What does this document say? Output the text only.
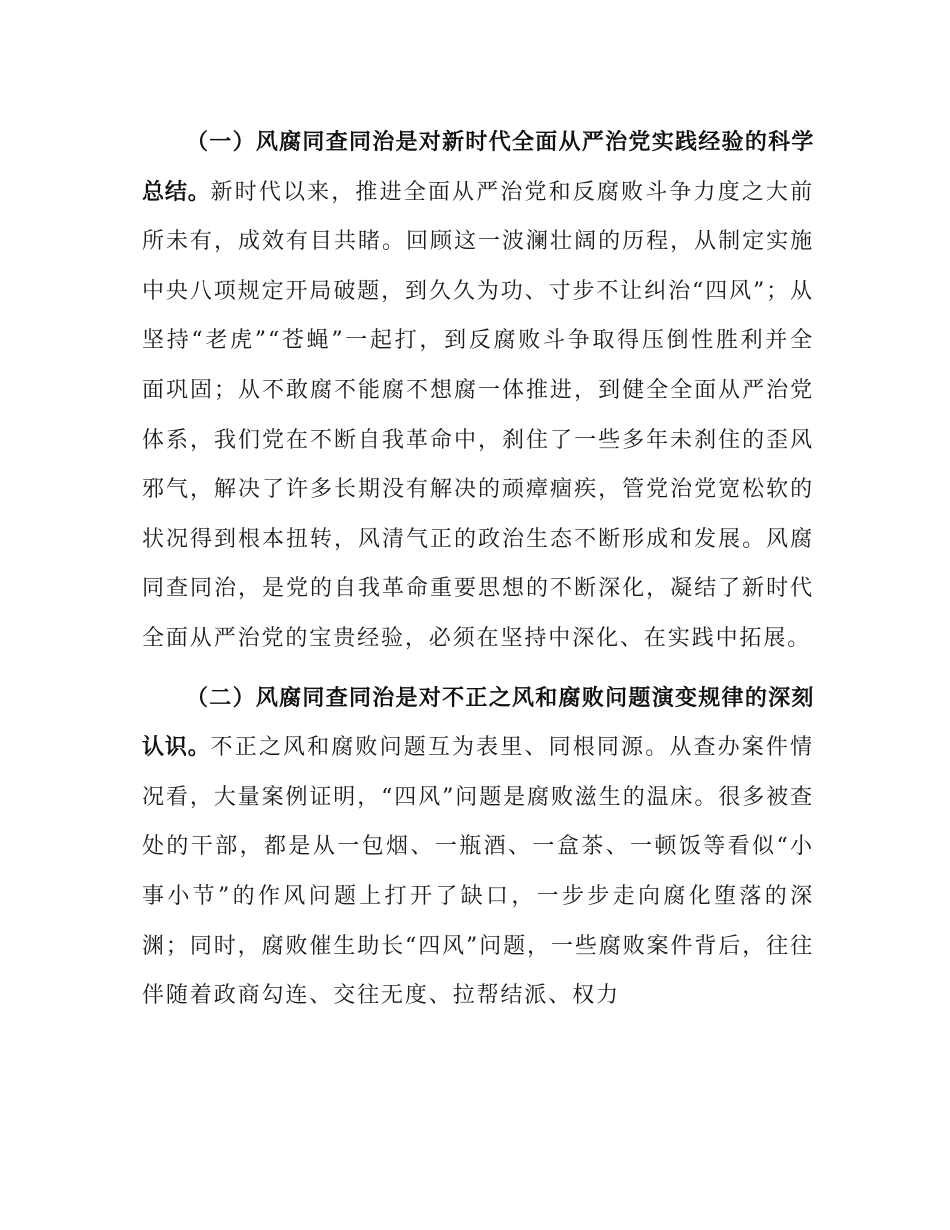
（一）风腐同查同治是对新时代全面从严治党实践经验的科学总结。新时代以来，推进全面从严治党和反腐败斗争力度之大前所未有，成效有目共睹。回顾这一波澜壮阔的历程，从制定实施中央八项规定开局破题，到久久为功、寸步不让纠治“四风”；从坚持“老虎”“苍蝇”一起打，到反腐败斗争取得压倒性胜利并全面巩固；从不敢腐不能腐不想腐一体推进，到健全全面从严治党体系，我们党在不断自我革命中，刹住了一些多年未刹住的歪风邪气，解决了许多长期没有解决的顽瘴痼疾，管党治党宽松软的状况得到根本扭转，风清气正的政治生态不断形成和发展。风腐同查同治，是党的自我革命重要思想的不断深化，凝结了新时代全面从严治党的宝贵经验，必须在坚持中深化、在实践中拓展。

（二）风腐同查同治是对不正之风和腐败问题演变规律的深刻认识。不正之风和腐败问题互为表里、同根同源。从查办案件情况看，大量案例证明，“四风”问题是腐败滋生的温床。很多被查处的干部，都是从一包烟、一瓶酒、一盒茶、一顿饭等看似“小事小节”的作风问题上打开了缺口，一步步走向腐化堕落的深渊；同时，腐败催生助长“四风”问题，一些腐败案件背后，往往伴随着政商勾连、交往无度、拉帮结派、权力
